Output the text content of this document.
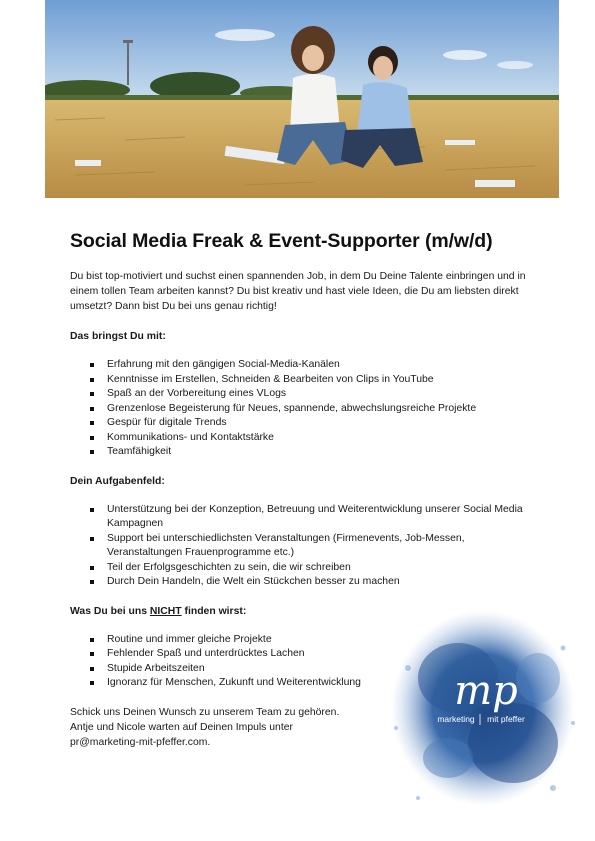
Social Media Freak & Event-Supporter (m/w/d)

Du bist top-motiviert und suchst einen spannenden Job, in dem Du Deine Talente einbringen und in einem tollen Team arbeiten kannst? Du bist kreativ und hast viele Ideen, die Du am liebsten direkt umsetzt? Dann bist Du bei uns genau richtig!

Das bringst Du mit:

Erfahrung mit den gängigen Social-Media-Kanälen
Kenntnisse im Erstellen, Schneiden & Bearbeiten von Clips in YouTube
Spaß an der Vorbereitung eines VLogs
Grenzenlose Begeisterung für Neues, spannende, abwechslungsreiche Projekte
Gespür für digitale Trends
Kommunikations- und Kontaktstärke
Teamfähigkeit

Dein Aufgabenfeld:

Unterstützung bei der Konzeption, Betreuung und Weiterentwicklung unserer Social Media Kampagnen
Support bei unterschiedlichsten Veranstaltungen (Firmenevents, Job-Messen, Veranstaltungen Frauenprogramme etc.)
Teil der Erfolgsgeschichten zu sein, die wir schreiben
Durch Dein Handeln, die Welt ein Stückchen besser zu machen

Was Du bei uns NICHT finden wirst:

Routine und immer gleiche Projekte
Fehlender Spaß und unterdrücktes Lachen
Stupide Arbeitszeiten
Ignoranz für Menschen, Zukunft und Weiterentwicklung

Schick uns Deinen Wunsch zu unserem Team zu gehören.

Antje und Nicole warten auf Deinen Impuls unter

pr@marketing-mit-pfeffer.com.

mp
marketing mit pfeffer
